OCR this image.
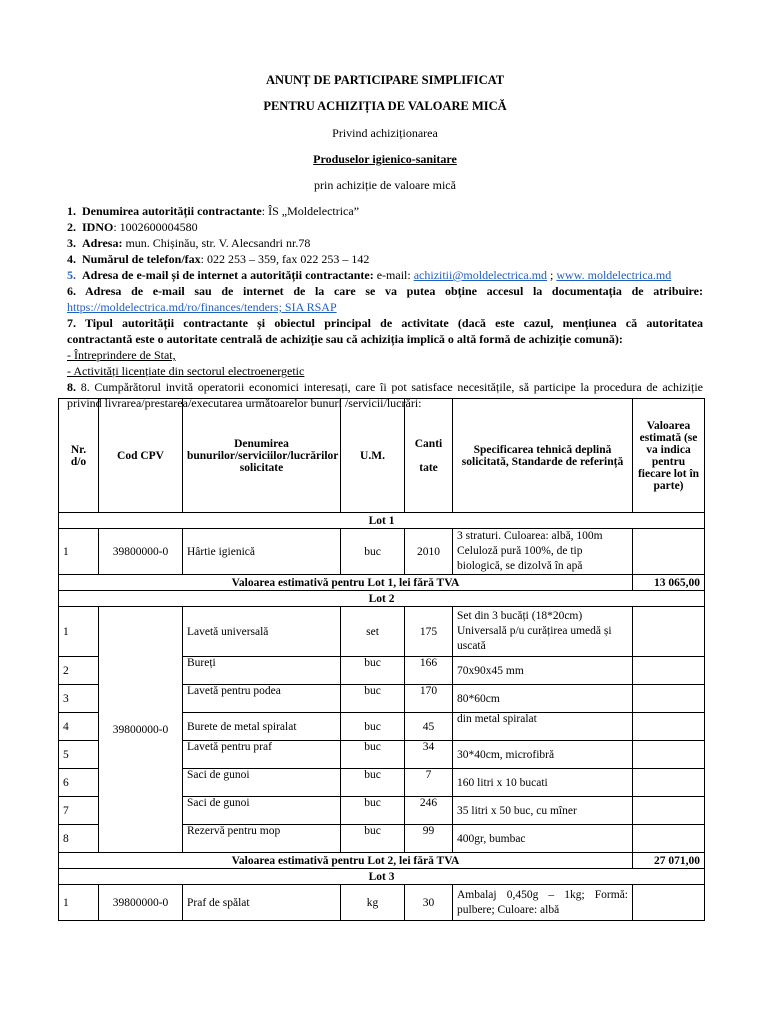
ANUNȚ DE PARTICIPARE SIMPLIFICAT
PENTRU ACHIZIȚIA DE VALOARE MICĂ
Privind achiziționarea
Produselor igienico-sanitare
prin achiziție de valoare mică

1. Denumirea autorității contractante: ÎS „Moldelectrica”

2. IDNO: 1002600004580

3. Adresa: mun. Chișinău, str. V. Alecsandri nr.78

4. Numărul de telefon/fax: 022 253 – 359, fax 022 253 – 142

5. Adresa de e-mail și de internet a autorității contractante: e-mail: achizitii@moldelectrica.md ; www. moldelectrica.md

6. Adresa de e-mail sau de internet de la care se va putea obține accesul la documentația de atribuire:

https://moldelectrica.md/ro/finances/tenders; SIA RSAP

7. Tipul autorității contractante și obiectul principal de activitate (dacă este cazul, mențiunea că autoritatea

contractantă este o autoritate centrală de achiziție sau că achiziția implică o altă formă de achiziție comună):

- Întreprindere de Stat,

- Activități licențiate din sectorul electroenergetic

8. 8. Cumpărătorul invită operatorii economici interesați, care îi pot satisface necesitățile, să participe la procedura de achiziție

privind livrarea/prestarea/executarea următoarelor bunuri /servicii/lucrări:

Nr. d/o	Cod CPV	Denumirea bunurilor/serviciilor/lucrărilor solicitate	U.M.	Canti

tate	Specificarea tehnică deplină solicitată, Standarde de referință	Valoarea estimată (se va indica pentru fiecare lot în parte)
Lot 1						
1	39800000-0	Hârtie igienică	buc	2010	3 straturi. Culoarea: albă, 100m Celuloză pură 100%, de tip biologică, se dizolvă în apă	
Valoarea estimativă pentru Lot 1, lei fără TVA						13 065,00
Lot 2						
1	39800000-0	Lavetă universală	set	175	Set din 3 bucăți (18*20cm) Universală p/u curățirea umedă și uscată	
2		Bureți	buc	166	70x90x45 mm	
3		Lavetă pentru podea	buc	170	80*60cm	
4		Burete de metal spiralat	buc	45	din metal spiralat	
5		Lavetă pentru praf	buc	34	30*40cm, microfibră	
6		Saci de gunoi	buc	7	160 litri x 10 bucati	
7		Saci de gunoi	buc	246	35 litri x 50 buc, cu mîner	
8		Rezervă pentru mop	buc	99	400gr, bumbac	
Valoarea estimativă pentru Lot 2, lei fără TVA						27 071,00
Lot 3						
1	39800000-0	Praf de spălat	kg	30	Ambalaj 0,450g – 1kg; Formă: pulbere; Culoare: albă	
